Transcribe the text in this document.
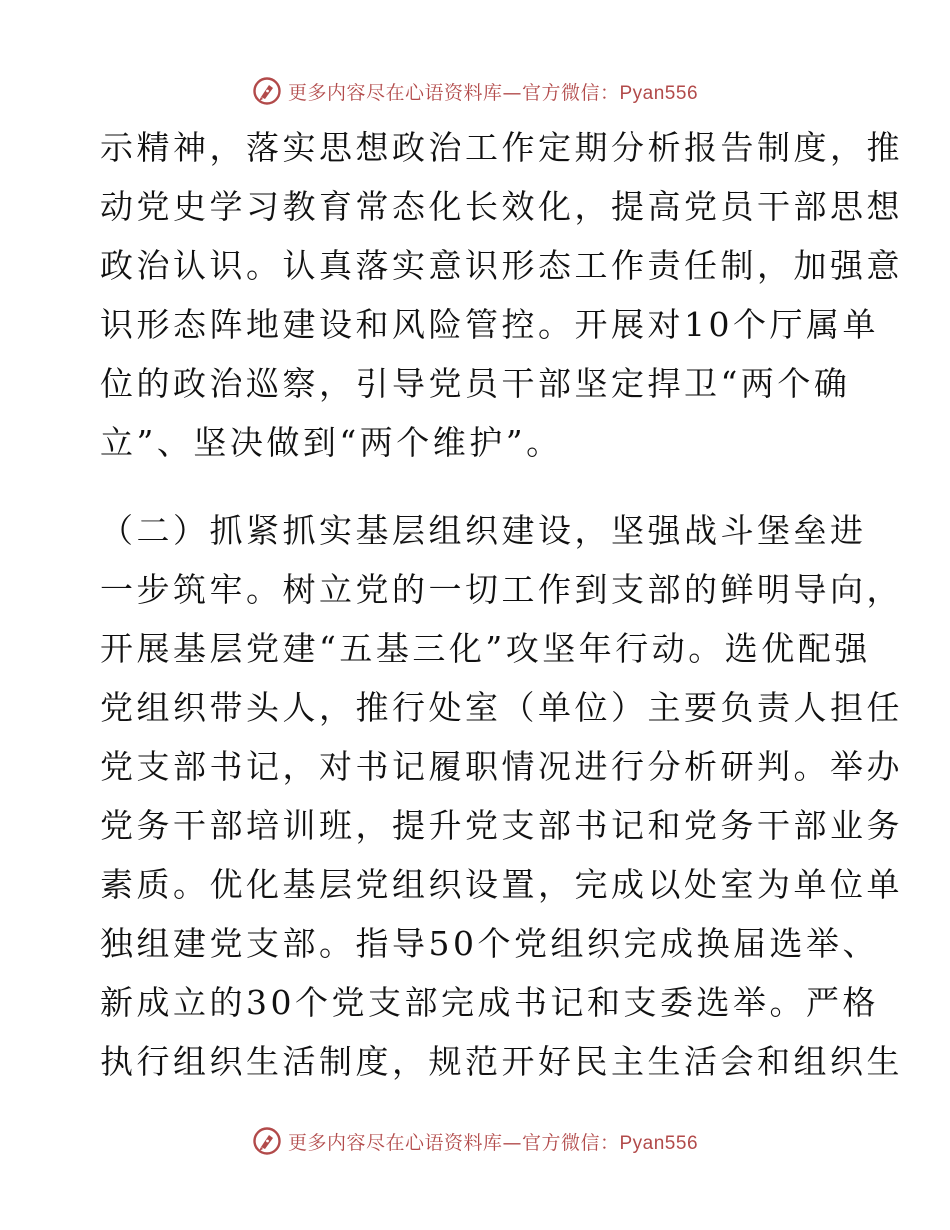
更多内容尽在心语资料库—官方微信：Pyan556
示精神，落实思想政治工作定期分析报告制度，推
动党史学习教育常态化长效化，提高党员干部思想
政治认识。认真落实意识形态工作责任制，加强意
识形态阵地建设和风险管控。开展对10个厅属单
位的政治巡察，引导党员干部坚定捍卫“两个确
立”、坚决做到“两个维护”。
（二）抓紧抓实基层组织建设，坚强战斗堡垒进
一步筑牢。树立党的一切工作到支部的鲜明导向，
开展基层党建“五基三化”攻坚年行动。选优配强
党组织带头人，推行处室（单位）主要负责人担任
党支部书记，对书记履职情况进行分析研判。举办
党务干部培训班，提升党支部书记和党务干部业务
素质。优化基层党组织设置，完成以处室为单位单
独组建党支部。指导50个党组织完成换届选举、
新成立的30个党支部完成书记和支委选举。严格
执行组织生活制度，规范开好民主生活会和组织生
更多内容尽在心语资料库—官方微信：Pyan556
